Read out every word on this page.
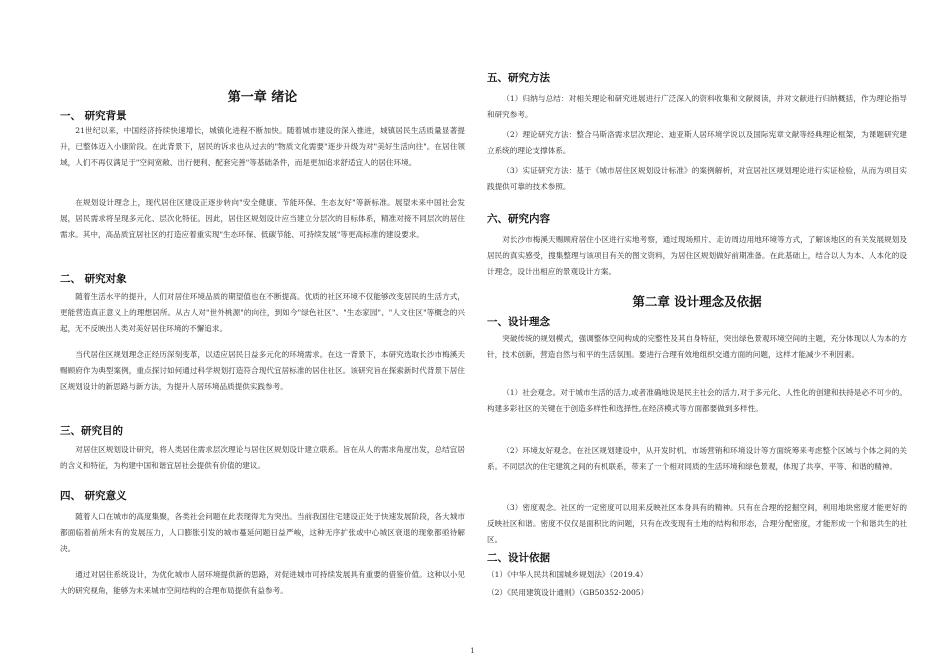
第一章 绪论
一、 研究背景

21世纪以来，中国经济持续快速增长，城镇化进程不断加快。随着城市建设的深入推进，城镇居民生活质量显著提升，已整体迈入小康阶段。在此背景下，居民的诉求也从过去的"物质文化需要"逐步升级为对"美好生活向往"。在居住领域，人们不再仅满足于"空间宽敞、出行便利、配套完善"等基础条件，而是更加追求舒适宜人的居住环境。

在规划设计理念上，现代居住区建设正逐步转向"安全健康、节能环保、生态友好"等新标准。展望未来中国社会发展，居民需求将呈现多元化、层次化特征。因此，居住区规划设计应当建立分层次的目标体系，精准对接不同层次的居住需求。其中，高品质宜居社区的打造应着重实现"生态环保、低碳节能、可持续发展"等更高标准的建设要求。

二、 研究对象

随着生活水平的提升，人们对居住环境品质的期望值也在不断提高。优质的社区环境不仅能够改变居民的生活方式，更能营造真正意义上的理想居所。从古人对"世外桃源"的向往，到如今"绿色社区"、"生态家园"、"人文住区"等概念的兴起，无不反映出人类对美好居住环境的不懈追求。

当代居住区规划理念正经历深刻变革，以适应居民日益多元化的环境需求。在这一背景下，本研究选取长沙市梅溪天赐顾府作为典型案例，重点探讨如何通过科学规划打造符合现代宜居标准的居住社区。该研究旨在探索新时代背景下居住区规划设计的新思路与新方法，为提升人居环境品质提供实践参考。

三、研究目的

对居住区规划设计研究，将人类居住需求层次理论与居住区规划设计建立联系。旨在从人的需求角度出发，总结宜居的含义和特征，为构建中国和谐宜居社会提供有价值的建议。

四、 研究意义

随着人口在城市的高度集聚，各类社会问题在此表现得尤为突出。当前我国住宅建设正处于快速发展阶段，各大城市都面临着前所未有的发展压力，人口膨胀引发的城市蔓延问题日益严峻，这种无序扩张或中心城区衰退的现象都亟待解决。

通过对居住系统设计，为优化城市人居环境提供新的思路，对促进城市可持续发展具有重要的借鉴价值。这种以小见大的研究视角，能够为未来城市空间结构的合理布局提供有益参考。

五、研究方法

（1）归纳与总结：对相关理论和研究进展进行广泛深入的资料收集和文献阅读，并对文献进行归纳概括，作为理论指导和研究参考。

（2）理论研究方法：整合马斯洛需求层次理论、迪亚斯人居环境学说以及国际宪章文献等经典理论框架，为课题研究建立系统的理论支撑体系。

（3）实证研究方法：基于《城市居住区规划设计标准》的案例解析，对宜居社区规划理论进行实证检验，从而为项目实践提供可靠的技术参照。

六、研究内容

对长沙市梅溪天赐顾府居住小区进行实地考察，通过现场照片、走访周边用地环境等方式，了解该地区的有关发展规划及居民的真实感受，搜集整理与该项目有关的图文资料，为居住区规划做好前期准备。在此基础上，结合以人为本、人本化的设计理念，设计出相应的景观设计方案。

第二章 设计理念及依据
一、设计理念

突破传统的规划模式，强调整体空间构成的完整性及其自身特征，突出绿色景观环境空间的主题，充分体现以人为本的方针，技术创新，营造自然与和平的生活氛围。要进行合理有效地组织交通方面的问题，这样才能减少不利因素。

（1）社会观念。对于城市生活的活力,或者准确地说是民主社会的活力,对于多元化、人性化的创建和扶持是必不可少的。构建多彩社区的关键在于创造多样性和选择性,在经济模式等方面都要做到多样性。

（2）环境友好观念。在社区规划建设中，从开发时机、市场营销和环境设计等方面统筹来考虑整个区域与个体之间的关系。不同层次的住宅建筑之间的有机联系，带来了一个相对同质的生活环境和绿色景观，体现了共享、平等、和谐的精神。

（3）密度观念。社区的一定密度可以用来反映社区本身具有的精神。只有在合理的挖掘空间，利用地块密度才能更好的反映社区和谐。密度不仅仅是面积比的问题，只有在改变现有土地的结构和形态，合理分配密度，才能形成一个和谐共生的社区。

二、设计依据
（1）《中华人民共和国城乡规划法》（2019.4）
（2）《民用建筑设计通则》（GB50352-2005）
1
